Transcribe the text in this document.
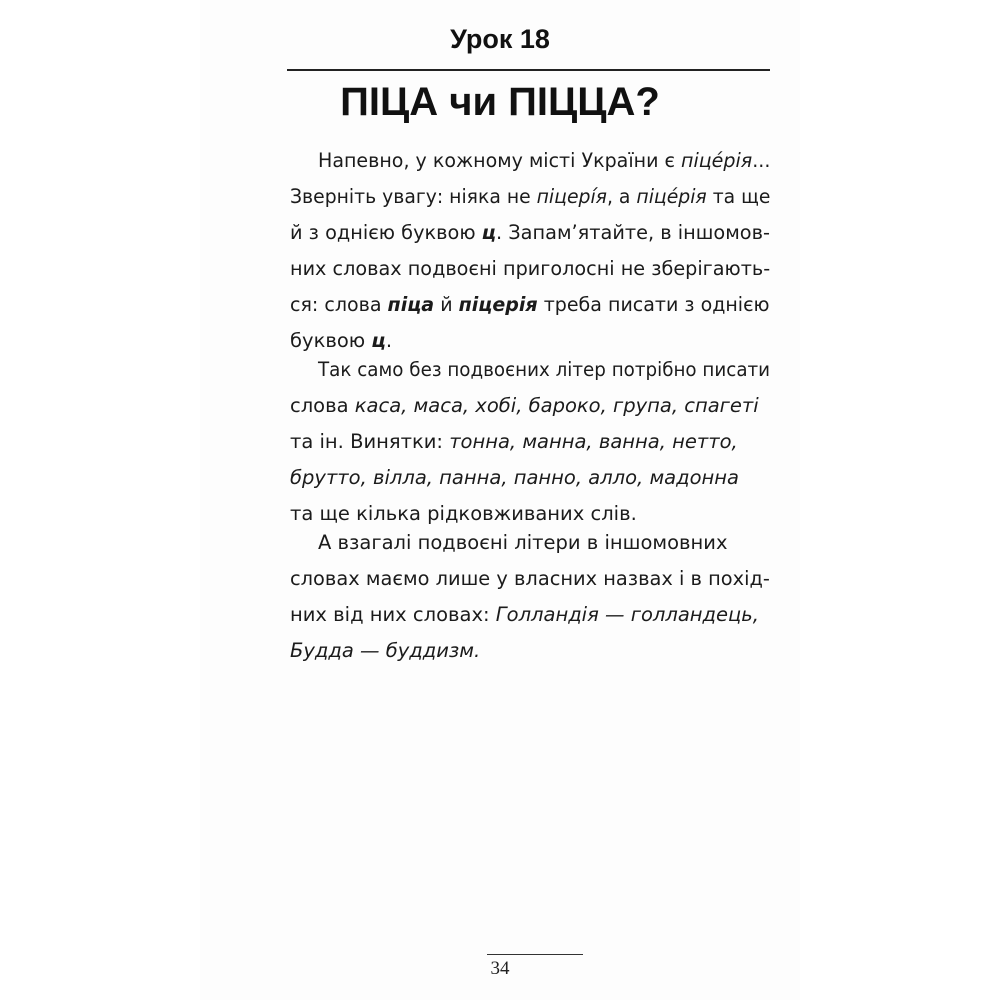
Урок 18
ПІЦА чи ПІЦЦА?
Напевно, у кожному місті України є піцéрія...
Зверніть увагу: ніяка не піцерíя, а піцéрія та ще
й з однією буквою ц. Запам’ятайте, в іншомов-
них словах подвоєні приголосні не зберігають-
ся: слова піца й піцерія треба писати з однією
буквою ц.
Так само без подвоєних літер потрібно писати
слова каса, маса, хобі, бароко, група, спагеті
та ін. Винятки: тонна, манна, ванна, нетто,
брутто, вілла, панна, панно, алло, мадонна
та ще кілька рідковживаних слів.
А взагалі подвоєні літери в іншомовних
словах маємо лише у власних назвах і в похід-
них від них словах: Голландія — голландець,
Будда — буддизм.
34
